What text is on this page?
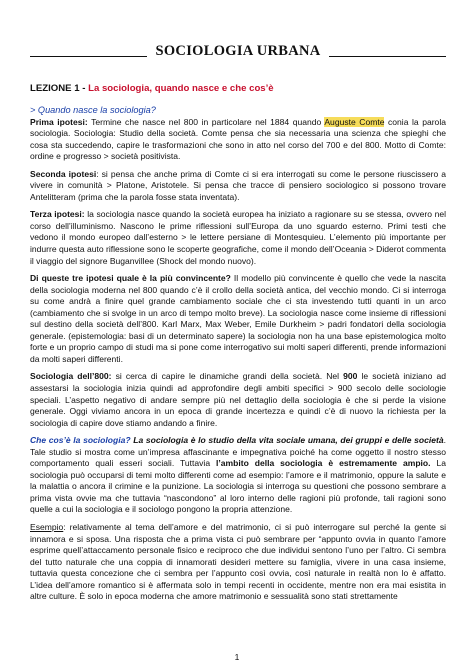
SOCIOLOGIA URBANA

LEZIONE 1 - La sociologia, quando nasce e che cos’è

> Quando nasce la sociologia?

Prima ipotesi: Termine che nasce nel 800 in particolare nel 1884 quando Auguste Comte conia la parola sociologia. Sociologia: Studio della società. Comte pensa che sia necessaria una scienza che spieghi che cosa sta succedendo, capire le trasformazioni che sono in atto nel corso del 700 e del 800. Motto di Comte: ordine e progresso > società positivista.

Seconda ipotesi: si pensa che anche prima di Comte ci si era interrogati su come le persone riuscissero a vivere in comunità > Platone, Aristotele. Si pensa che tracce di pensiero sociologico si possono trovare Antelitteram (prima che la parola fosse stata inventata).

Terza ipotesi: la sociologia nasce quando la società europea ha iniziato a ragionare su se stessa, ovvero nel corso dell’illuminismo. Nascono le prime riflessioni sull’Europa da uno sguardo esterno. Primi testi che vedono il mondo europeo dall’esterno > le lettere persiane di Montesquieu. L’elemento più importante per indurre questa auto riflessione sono le scoperte geografiche, come il mondo dell’Oceania > Diderot commenta il viaggio del signore Buganvillee (Shock del mondo nuovo).

Di queste tre ipotesi quale è la più convincente? Il modello più convincente è quello che vede la nascita della sociologia moderna nel 800 quando c’è il crollo della società antica, del vecchio mondo. Ci si interroga su come andrà a finire quel grande cambiamento sociale che ci sta investendo tutti quanti in un arco (cambiamento che si svolge in un arco di tempo molto breve). La sociologia nasce come insieme di riflessioni sul destino della società dell’800. Karl Marx, Max Weber, Emile Durkheim > padri fondatori della sociologia generale. (epistemologia: basi di un determinato sapere) la sociologia non ha una base epistemologica molto forte e un proprio campo di studi ma si pone come interrogativo sui molti saperi differenti, prende informazioni da molti saperi differenti.

Sociologia dell’800: si cerca di capire le dinamiche grandi della società. Nel 900 le società iniziano ad assestarsi la sociologia inizia quindi ad approfondire degli ambiti specifici > 900 secolo delle sociologie speciali. L’aspetto negativo di andare sempre più nel dettaglio della sociologia è che si perde la visione generale. Oggi viviamo ancora in un epoca di grande incertezza e quindi c’è di nuovo la richiesta per la sociologia di capire dove stiamo andando a finire.

Che cos’è la sociologia? La sociologia è lo studio della vita sociale umana, dei gruppi e delle società. Tale studio si mostra come un’impresa affascinante e impegnativa poiché ha come oggetto il nostro stesso comportamento quali esseri sociali. Tuttavia l’ambito della sociologia è estremamente ampio. La sociologia può occuparsi di temi molto differenti come ad esempio: l’amore e il matrimonio, oppure la salute e la malattia o ancora il crimine e la punizione. La sociologia si interroga su questioni che possono sembrare a prima vista ovvie ma che tuttavia “nascondono” al loro interno delle ragioni più profonde, tali ragioni sono quelle a cui la sociologia e il sociologo pongono la propria attenzione.

Esempio: relativamente al tema dell’amore e del matrimonio, ci si può interrogare sul perché la gente si innamora e si sposa. Una risposta che a prima vista ci può sembrare per “appunto ovvia in quanto l’amore esprime quell’attaccamento personale fisico e reciproco che due individui sentono l’uno per l’altro. Ci sembra del tutto naturale che una coppia di innamorati desideri mettere su famiglia, vivere in una casa insieme, tuttavia questa concezione che ci sembra per l’appunto così ovvia, così naturale in realtà non lo è affatto. L’idea dell’amore romantico si è affermata solo in tempi recenti in occidente, mentre non era mai esistita in altre culture. È solo in epoca moderna che amore matrimonio e sessualità sono stati strettamente

1
